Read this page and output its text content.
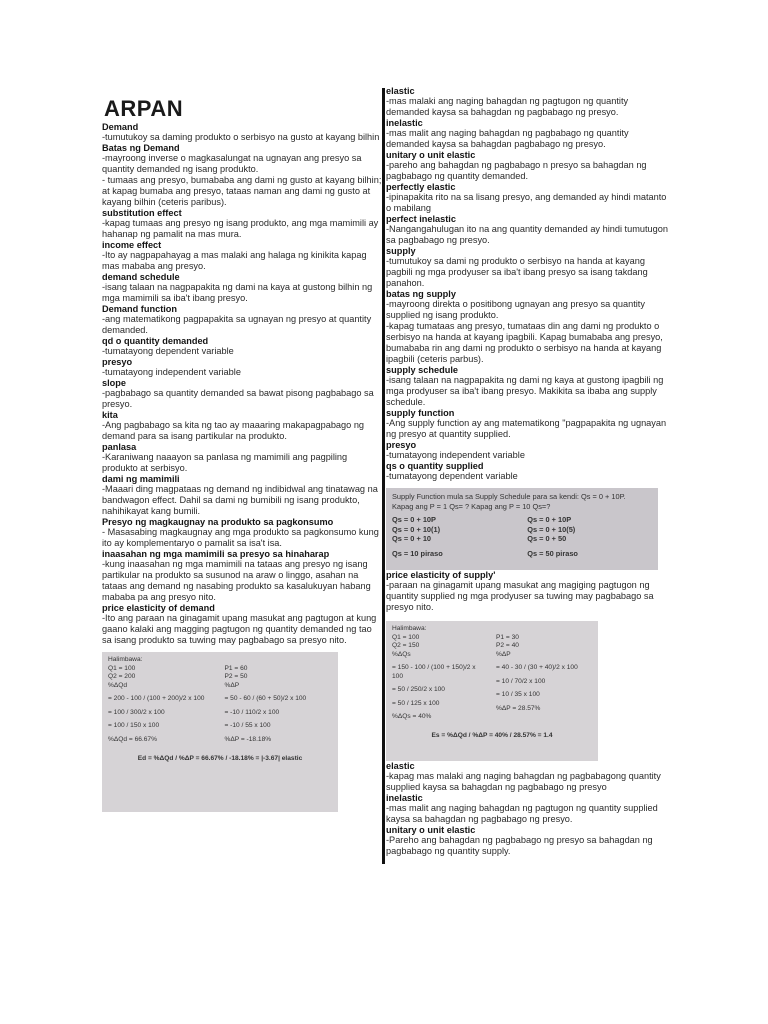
ARPAN
Demand
-tumutukoy sa daming produkto o serbisyo na gusto at kayang bilhin
Batas ng Demand
-mayroong inverse o magkasalungat na ugnayan ang presyo sa quantity demanded ng isang produkto.
- tumaas ang presyo, bumababa ang dami ng gusto at kayang bilhin; at kapag bumaba ang presyo, tataas naman ang dami ng gusto at kayang bilhin (ceteris paribus).
substitution effect
-kapag tumaas ang presyo ng isang produkto, ang mga mamimili ay hahanap ng pamalit na mas mura.
income effect
-Ito ay nagpapahayag a mas malaki ang halaga ng kinikita kapag mas mababa ang presyo.
demand schedule
-isang talaan na nagpapakita ng dami na kaya at gustong bilhin ng mga mamimili sa iba't ibang presyo.
Demand function
-ang matematikong pagpapakita sa ugnayan ng presyo at quantity demanded.
qd o quantity demanded
-tumatayong dependent variable
presyo
-tumatayong independent variable
slope
-pagbabago sa quantity demanded sa bawat pisong pagbabago sa presyo.
kita
-Ang pagbabago sa kita ng tao ay maaaring makapagpabago ng demand para sa isang partikular na produkto.
panlasa
-Karaniwang naaayon sa panlasa ng mamimili ang pagpiling produkto at serbisyo.
dami ng mamimili
-Maaari ding magpataas ng demand ng indibidwal ang tinatawag na bandwagon effect. Dahil sa dami ng bumibili ng isang produkto, nahihikayat kang bumili.
Presyo ng magkaugnay na produkto sa pagkonsumo
- Masasabing magkaugnay ang mga produkto sa pagkonsumo kung ito ay komplementaryo o pamalit sa isa't isa.
inaasahan ng mga mamimili sa presyo sa hinaharap
-kung inaasahan ng mga mamimili na tataas ang presyo ng isang partikular na produkto sa susunod na araw o linggo, asahan na tataas ang demand ng nasabing produkto sa kasalukuyan habang mababa pa ang presyo nito.
price elasticity of demand
-Ito ang paraan na ginagamit upang masukat ang pagtugon at kung gaano kalaki ang magging pagtugon ng quantity demanded ng tao sa isang produkto sa tuwing may pagbabago sa presyo nito.
Halimbawa:
Q1 = 100
Q2 = 200
%ΔQd
= 200 - 100 / (100 + 200)/2 x 100
= 100 / 300/2 x 100
= 100 / 150 x 100
%ΔQd = 66.67%
P1 = 60
P2 = 50
%ΔP
= 50 - 60 / (60 + 50)/2 x 100
= -10 / 110/2 x 100
= -10 / 55 x 100
%ΔP = -18.18%
Ed = %ΔQd / %ΔP = 66.67% / -18.18% = |-3.67| elastic
elastic
-mas malaki ang naging bahagdan ng pagtugon ng quantity demanded kaysa sa bahagdan ng pagbabago ng presyo.
inelastic
-mas malit ang naging bahagdan ng pagbabago ng quantity demanded kaysa sa bahagdan pagbabago ng presyo.
unitary o unit elastic
-pareho ang bahagdan ng pagbabago n presyo sa bahagdan ng pagbabago ng quantity demanded.
perfectly elastic
-ipinapakita rito na sa lisang presyo, ang demanded ay hindi matanto o mabilang
perfect inelastic
-Nangangahulugan ito na ang quantity demanded ay hindi tumutugon sa pagbabago ng presyo.
supply
-tumutukoy sa dami ng produkto o serbisyo na handa at kayang pagbili ng mga prodyuser sa iba't ibang presyo sa isang takdang panahon.
batas ng supply
-mayroong direkta o positibong ugnayan ang presyo sa quantity supplied ng isang produkto.
-kapag tumataas ang presyo, tumataas din ang dami ng produkto o serbisyo na handa at kayang ipagbili. Kapag bumababa ang presyo, bumababa rin ang dami ng produkto o serbisyo na handa at kayang ipagbili (ceteris parbus).
supply schedule
-isang talaan na nagpapakita ng dami ng kaya at gustong ipagbili ng mga prodyuser sa iba't ibang presyo. Makikita sa ibaba ang supply schedule.
supply function
-Ang supply function ay ang matematikong "pagpapakita ng ugnayan ng presyo at quantity supplied.
presyo
-tumatayong independent variable
qs o quantity supplied
-tumatayong dependent variable
Supply Function mula sa Supply Schedule para sa kendi: Qs = 0 + 10P.
Kapag ang P = 1 Qs= ? Kapag ang P = 10 Qs=?
Qs = 0 + 10P
Qs = 0 + 10(1)
Qs = 0 + 10
Qs = 10 piraso
Qs = 0 + 10P
Qs = 0 + 10(5)
Qs = 0 + 50
Qs = 50 piraso
price elasticity of supply'
-paraan na ginagamit upang masukat ang magiging pagtugon ng quantity supplied ng mga prodyuser sa tuwing may pagbabago sa presyo nito.
Halimbawa:
Q1 = 100
Q2 = 150
%ΔQs
= 150 - 100 / (100 + 150)/2 x 100
= 50 / 250/2 x 100
= 50 / 125 x 100
%ΔQs = 40%
P1 = 30
P2 = 40
%ΔP
= 40 - 30 / (30 + 40)/2 x 100
= 10 / 70/2 x 100
= 10 / 35 x 100
%ΔP = 28.57%
Es = %ΔQd / %ΔP = 40% / 28.57% = 1.4
elastic
-kapag mas malaki ang naging bahagdan ng pagbabagong quantity supplied kaysa sa bahagdan ng pagbabago ng presyo
inelastic
-mas malit ang naging bahagdan ng pagtugon ng quantity supplied kaysa sa bahagdan ng pagbabago ng presyo.
unitary o unit elastic
-Pareho ang bahagdan ng pagbabago ng presyo sa bahagdan ng pagbabago ng quantity supply.
